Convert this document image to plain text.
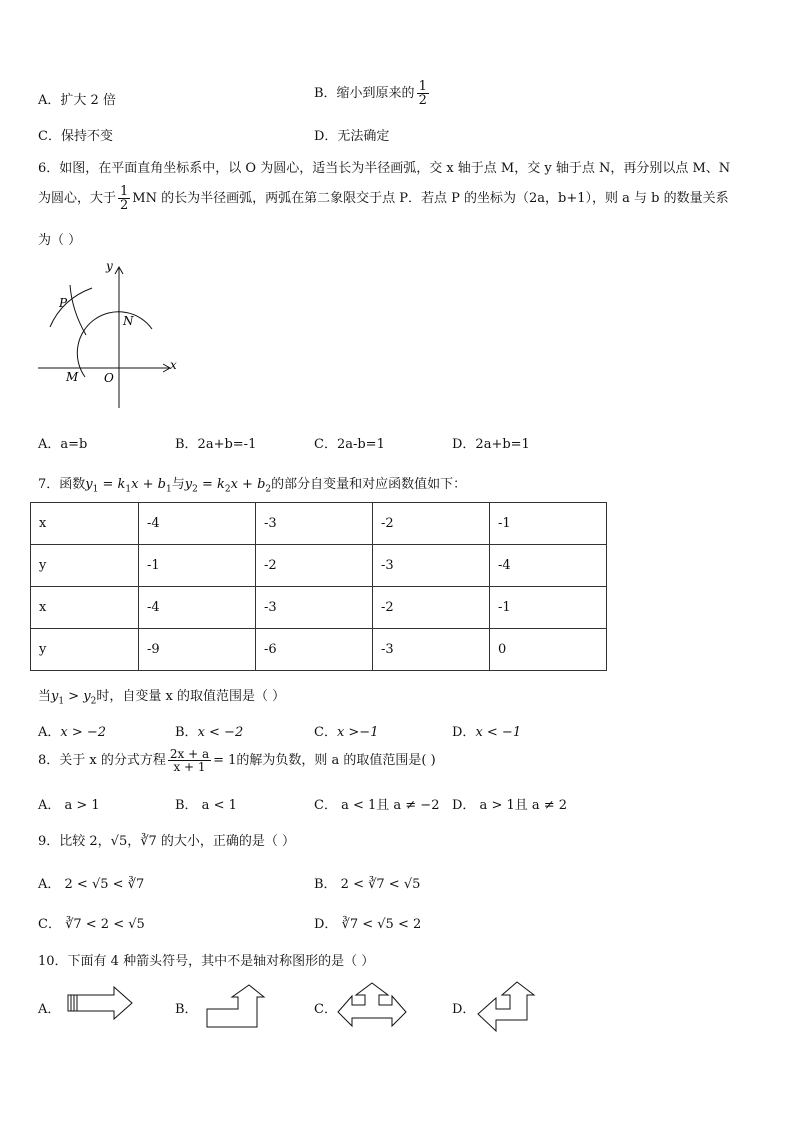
A．扩大 2 倍	B．缩小到原来的 $\frac{1}{2}$
C．保持不变	D．无法确定
6．如图，在平面直角坐标系中，以 O 为圆心，适当长为半径画弧，交 x 轴于点 M，交 y 轴于点 N，再分别以点 M、N
为圆心，大于 $\frac{1}{2}$ MN 的长为半径画弧，两弧在第二象限交于点 P．若点 P 的坐标为（2a，b+1），则 a 与 b 的数量关系
为（ ）
y
x
P
N
M O
A．a=b	B．2a+b=-1	C．2a-b=1	D．2a+b=1
7．函数$y_1 = k_1x + b_1$与$y_2 = k_2x + b_2$的部分自变量和对应函数值如下：
x	-4	-3	-2	-1
y	-1	-2	-3	-4
x	-4	-3	-2	-1
y	-9	-6	-3	0
当$y_1 > y_2$时，自变量 x 的取值范围是（ ）
A．x > −2	B．x < −2	C．x >−1	D．x < −1
8．关于 x 的分式方程 $\frac{2x + a}{x + 1} = 1$的解为负数，则 a 的取值范围是( )
A． a > 1	B． a < 1	C． a < 1且 a ≠ −2 D． a > 1且 a ≠ 2
9．比较 2，√5，∛7 的大小，正确的是（ ）
A． 2 < √5 < ∛7	B． 2 < ∛7 < √5
C． ∛7 < 2 < √5	D． ∛7 < √5 < 2
10．下面有 4 种箭头符号，其中不是轴对称图形的是（ ）
A．	B．	C．	D．
